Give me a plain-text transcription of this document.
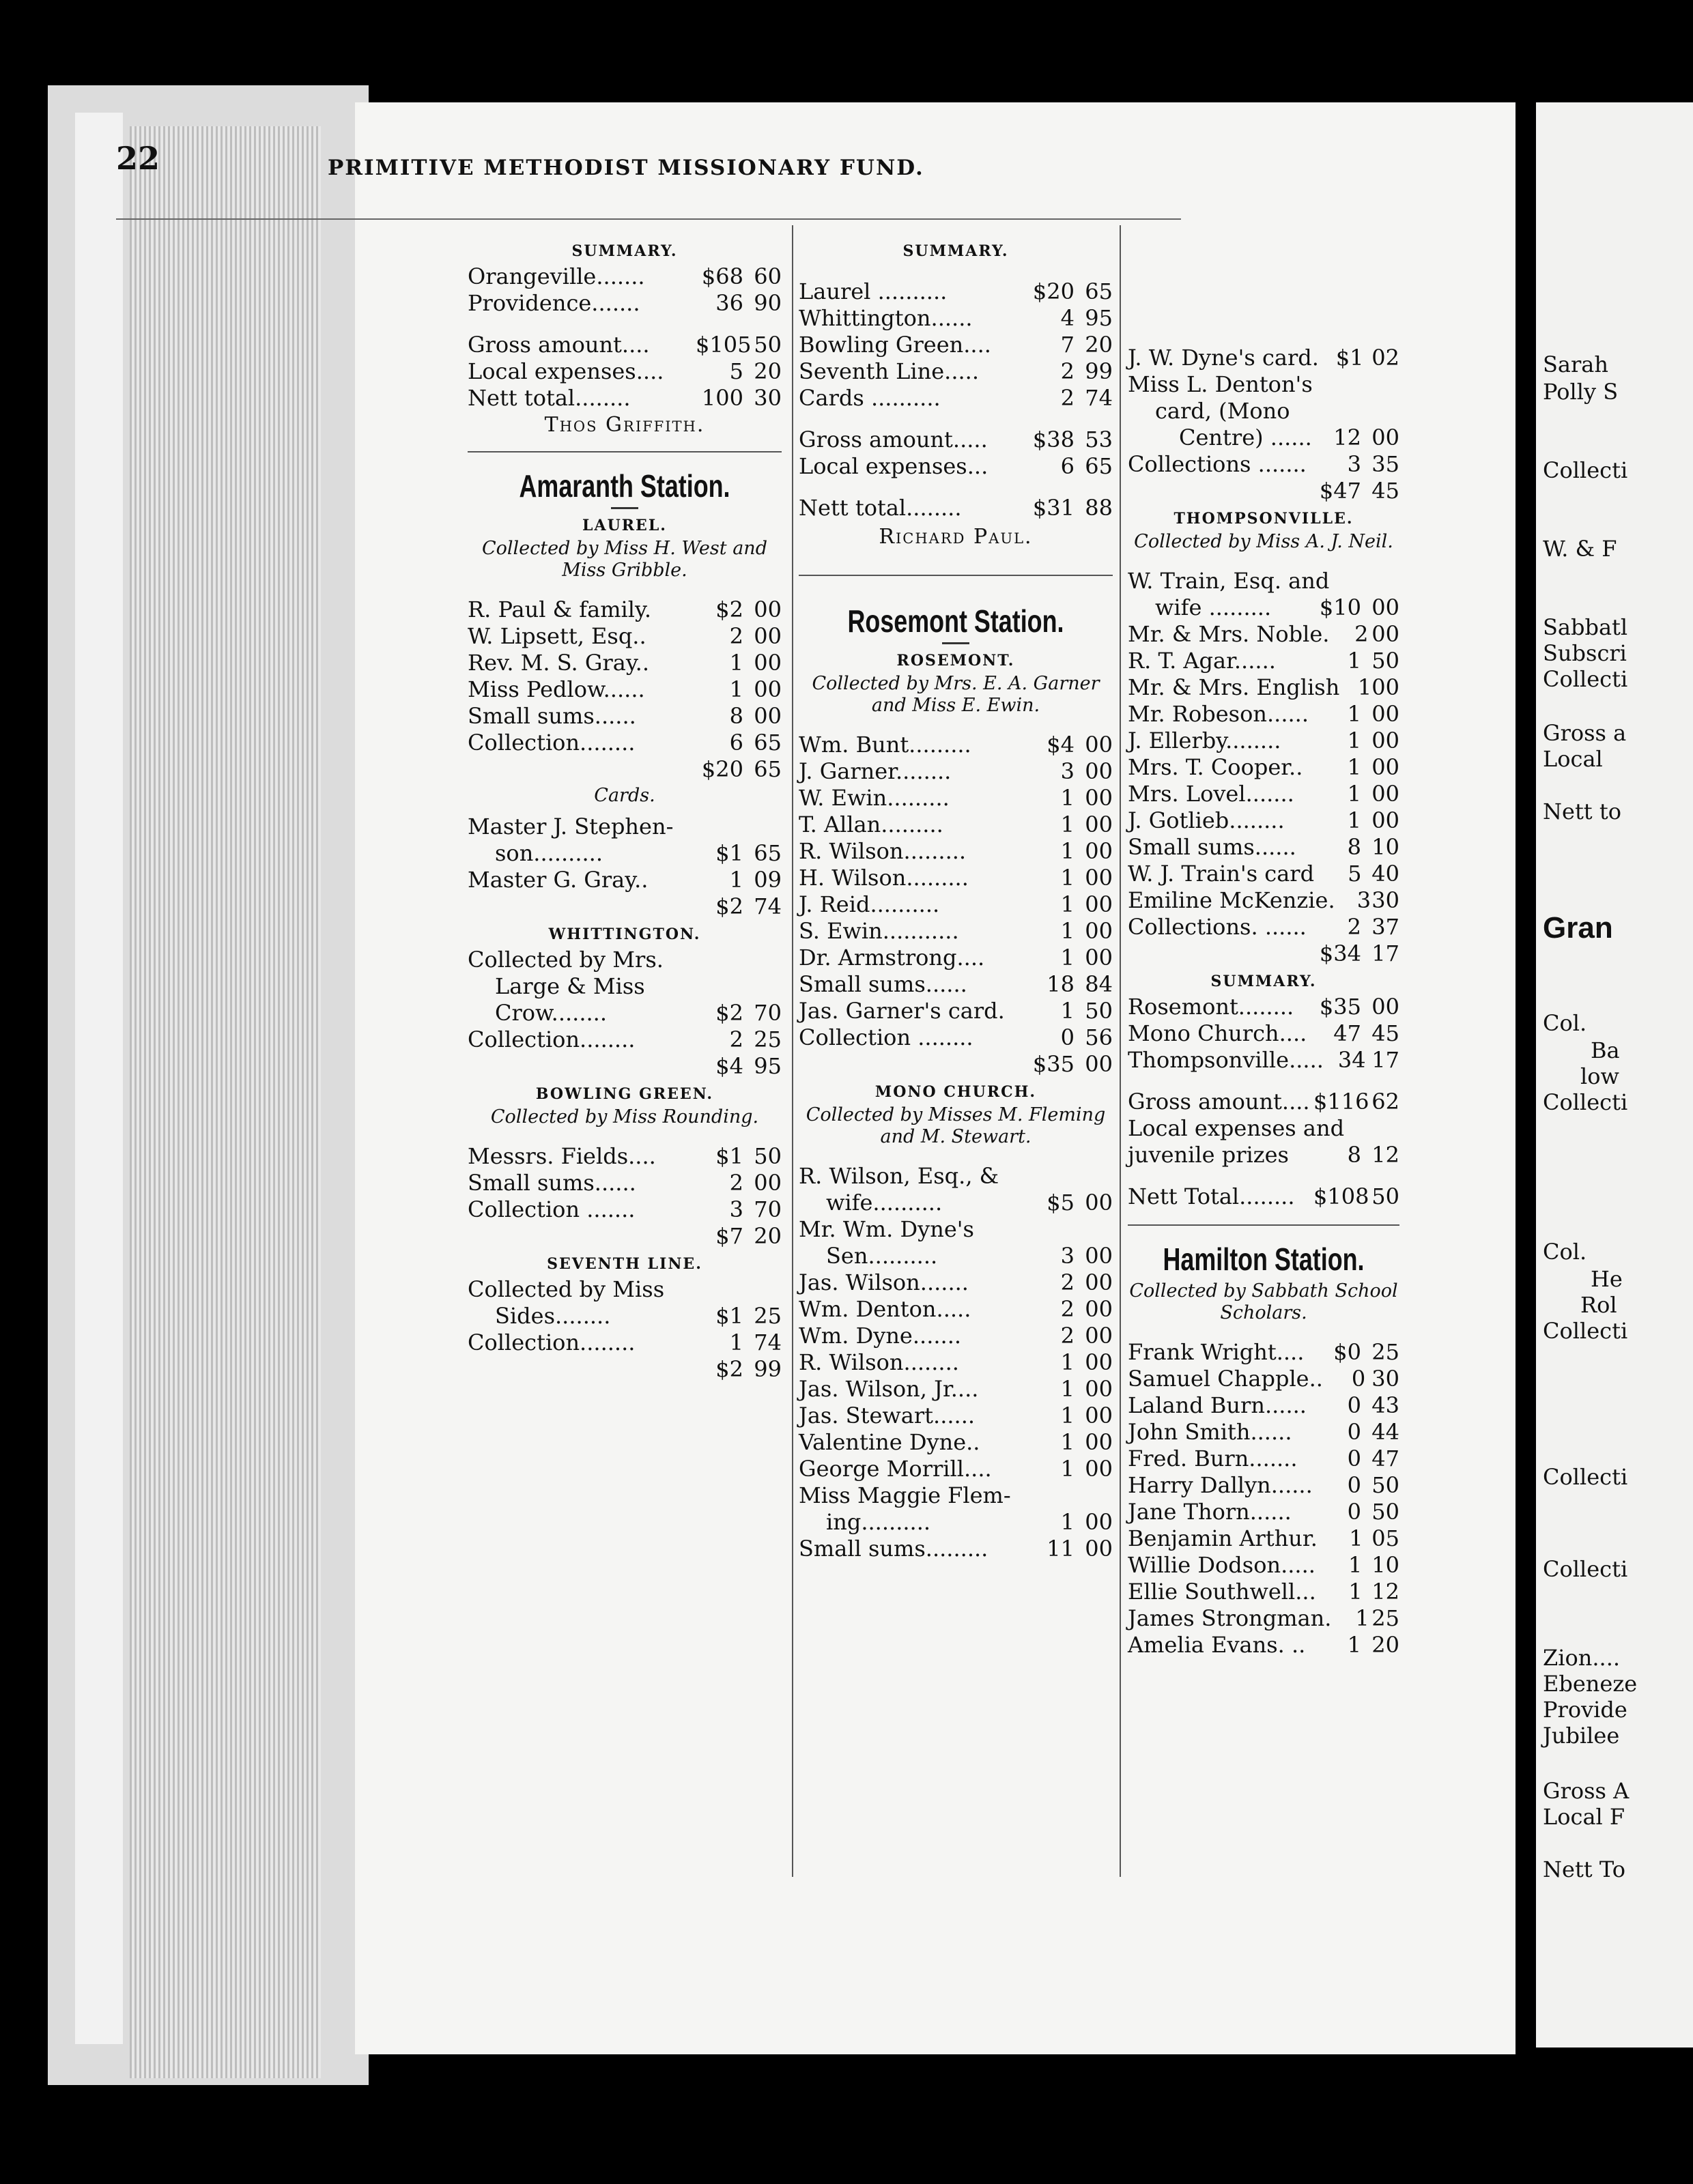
22	PRIMITIVE METHODIST MISSIONARY FUND.
SUMMARY.
Orangeville.......	$68 60
Providence.......	36 90
Gross amount....	$105 50
Local expenses....	5 20
Nett total........	100 30
Thos Griffith.
Amaranth Station.
LAUREL.
Collected by Miss H. West and Miss Gribble.
R. Paul & family.	$2 00
W. Lipsett, Esq..	2 00
Rev. M. S. Gray..	1 00
Miss Pedlow......	1 00
Small sums......	8 00
Collection........	6 65
$20 65
Cards.
Master J. Stephen-
son..........	$1 65
Master G. Gray..	1 09
$2 74
WHITTINGTON.
Collected by Mrs.
Large & Miss
Crow........	$2 70
Collection........	2 25
$4 95
BOWLING GREEN.
Collected by Miss Rounding.
Messrs. Fields....	$1 50
Small sums......	2 00
Collection .......	3 70
$7 20
SEVENTH LINE.
Collected by Miss
Sides........	$1 25
Collection........	1 74
$2 99
SUMMARY.
Laurel ..........	$20 65
Whittington......	4 95
Bowling Green....	7 20
Seventh Line.....	2 99
Cards ..........	2 74
Gross amount.....	$38 53
Local expenses...	6 65
Nett total........	$31 88
Richard Paul.
Rosemont Station.
ROSEMONT.
Collected by Mrs. E. A. Garner and Miss E. Ewin.
Wm. Bunt.........	$4 00
J. Garner........	3 00
W. Ewin.........	1 00
T. Allan.........	1 00
R. Wilson.........	1 00
H. Wilson.........	1 00
J. Reid..........	1 00
S. Ewin...........	1 00
Dr. Armstrong....	1 00
Small sums......	18 84
Jas. Garner's card.	1 50
Collection ........	0 56
$35 00
MONO CHURCH.
Collected by Misses M. Fleming and M. Stewart.
R. Wilson, Esq., &
wife..........	$5 00
Mr. Wm. Dyne's
Sen..........	3 00
Jas. Wilson.......	2 00
Wm. Denton.....	2 00
Wm. Dyne.......	2 00
R. Wilson........	1 00
Jas. Wilson, Jr....	1 00
Jas. Stewart......	1 00
Valentine Dyne..	1 00
George Morrill....	1 00
Miss Maggie Flem-
ing..........	1 00
Small sums.........	11 00
J. W. Dyne's card. $1 02
Miss L. Denton's
card, (Mono
Centre) ...... 12 00
Collections .......	3 35
$47 45
THOMPSONVILLE.
Collected by Miss A. J. Neil.
W. Train, Esq. and
wife .........	$10 00
Mr. & Mrs. Noble.	2 00
R. T. Agar......	1 50
Mr. & Mrs. English 1 00
Mr. Robeson......	1 00
J. Ellerby........	1 00
Mrs. T. Cooper..	1 00
Mrs. Lovel.......	1 00
J. Gotlieb........	1 00
Small sums......	8 10
W. J. Train's card	5 40
Emiline McKenzie.	3 30
Collections. ......	2 37
$34 17
SUMMARY.
Rosemont........	$35 00
Mono Church....	47 45
Thompsonville..... 34 17
Gross amount.... $116 62
Local expenses and
juvenile prizes	8 12
Nett Total........ $108 50
Hamilton Station.
Collected by Sabbath School Scholars.
Frank Wright....	$0 25
Samuel Chapple..	0 30
Laland Burn......	0 43
John Smith......	0 44
Fred. Burn.......	0 47
Harry Dallyn......	0 50
Jane Thorn......	0 50
Benjamin Arthur.	1 05
Willie Dodson.....	1 10
Ellie Southwell...	1 12
James Strongman.	1 25
Amelia Evans. ..	1 20
Sarah
Polly S
Collecti
W. & F
Sabbatl
Subscri
Collecti
Gross a
Local
Nett to
Gran
Col.
Ba
low
Collecti
Col.
He
Rol
Collecti
Collecti
Collecti
Zion....
Ebeneze
Provide
Jubilee
Gross A
Local F
Nett To
